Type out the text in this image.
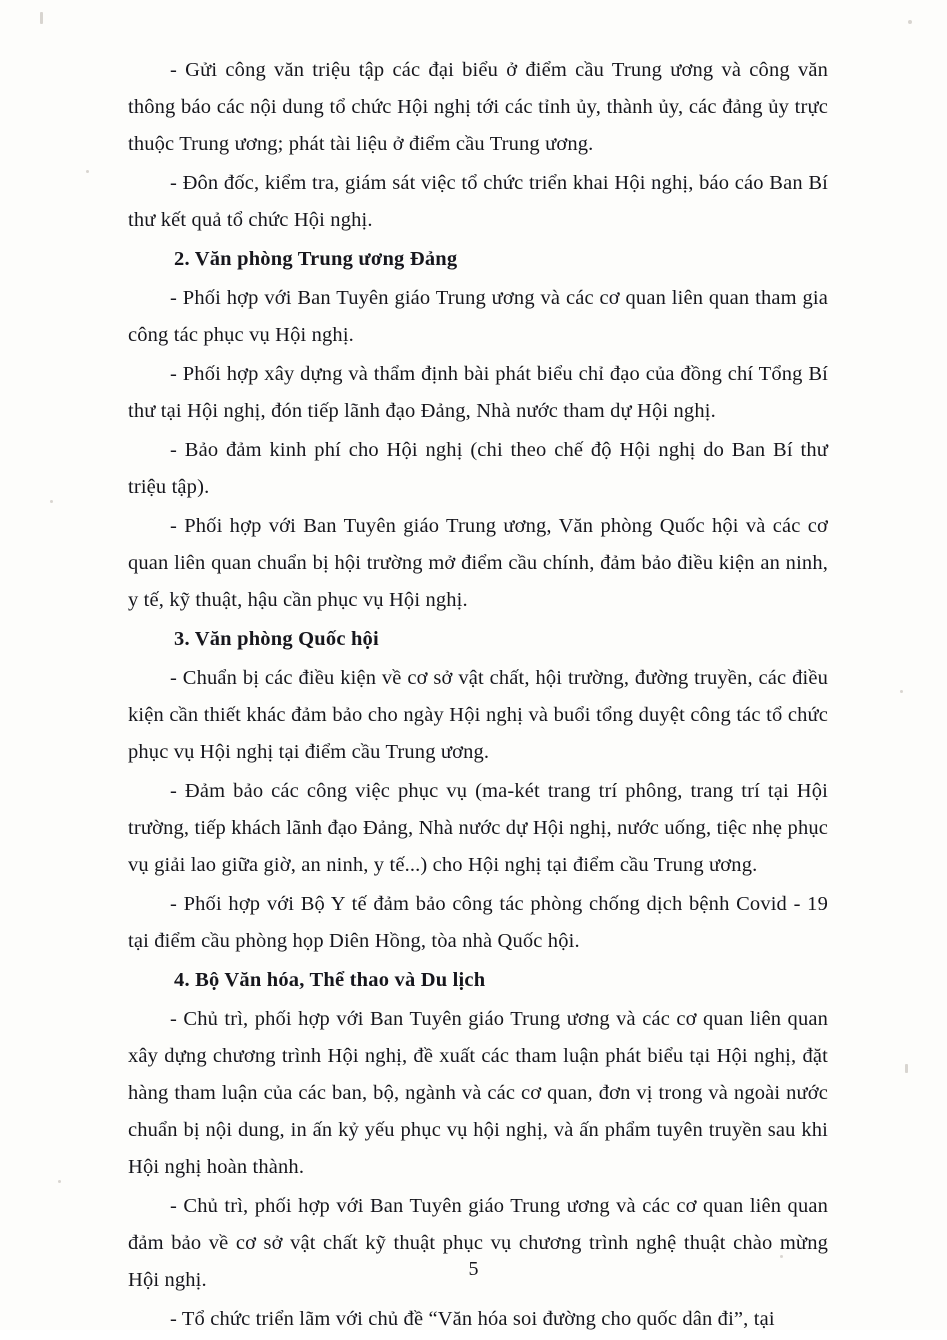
- Gửi công văn triệu tập các đại biểu ở điểm cầu Trung ương và công văn thông báo các nội dung tổ chức Hội nghị tới các tỉnh ủy, thành ủy, các đảng ủy trực thuộc Trung ương; phát tài liệu ở điểm cầu Trung ương.

- Đôn đốc, kiểm tra, giám sát việc tổ chức triển khai Hội nghị, báo cáo Ban Bí thư kết quả tổ chức Hội nghị.

2. Văn phòng Trung ương Đảng

- Phối hợp với Ban Tuyên giáo Trung ương và các cơ quan liên quan tham gia công tác phục vụ Hội nghị.

- Phối hợp xây dựng và thẩm định bài phát biểu chỉ đạo của đồng chí Tổng Bí thư tại Hội nghị, đón tiếp lãnh đạo Đảng, Nhà nước tham dự Hội nghị.

- Bảo đảm kinh phí cho Hội nghị (chi theo chế độ Hội nghị do Ban Bí thư triệu tập).

- Phối hợp với Ban Tuyên giáo Trung ương, Văn phòng Quốc hội và các cơ quan liên quan chuẩn bị hội trường mở điểm cầu chính, đảm bảo điều kiện an ninh, y tế, kỹ thuật, hậu cần phục vụ Hội nghị.

3. Văn phòng Quốc hội

- Chuẩn bị các điều kiện về cơ sở vật chất, hội trường, đường truyền, các điều kiện cần thiết khác đảm bảo cho ngày Hội nghị và buổi tổng duyệt công tác tổ chức phục vụ Hội nghị tại điểm cầu Trung ương.

- Đảm bảo các công việc phục vụ (ma-két trang trí phông, trang trí tại Hội trường, tiếp khách lãnh đạo Đảng, Nhà nước dự Hội nghị, nước uống, tiệc nhẹ phục vụ giải lao giữa giờ, an ninh, y tế...) cho Hội nghị tại điểm cầu Trung ương.

- Phối hợp với Bộ Y tế đảm bảo công tác phòng chống dịch bệnh Covid - 19 tại điểm cầu phòng họp Diên Hồng, tòa nhà Quốc hội.

4. Bộ Văn hóa, Thể thao và Du lịch

- Chủ trì, phối hợp với Ban Tuyên giáo Trung ương và các cơ quan liên quan xây dựng chương trình Hội nghị, đề xuất các tham luận phát biểu tại Hội nghị, đặt hàng tham luận của các ban, bộ, ngành và các cơ quan, đơn vị trong và ngoài nước chuẩn bị nội dung, in ấn kỷ yếu phục vụ hội nghị, và ấn phẩm tuyên truyền sau khi Hội nghị hoàn thành.

- Chủ trì, phối hợp với Ban Tuyên giáo Trung ương và các cơ quan liên quan đảm bảo về cơ sở vật chất kỹ thuật phục vụ chương trình nghệ thuật chào mừng Hội nghị.

- Tổ chức triển lãm với chủ đề “Văn hóa soi đường cho quốc dân đi”, tại

5
